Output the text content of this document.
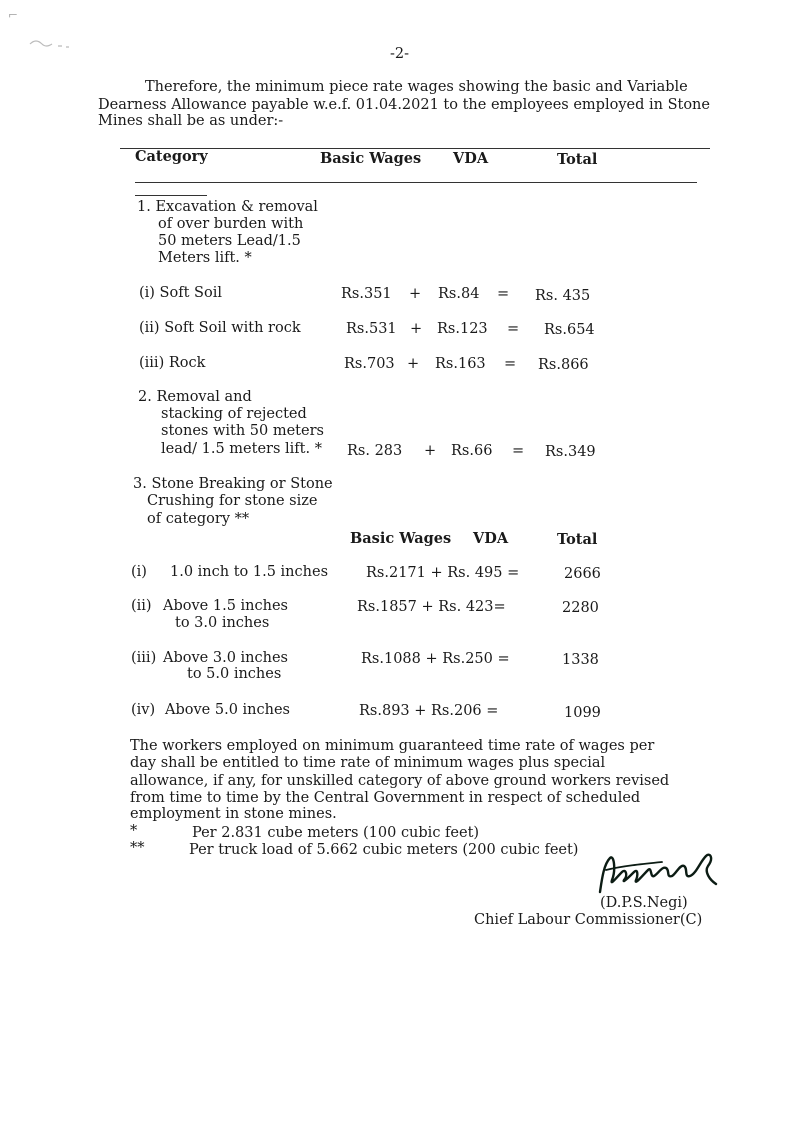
⌐
-2-
Therefore, the minimum piece rate wages showing the basic and Variable
Dearness Allowance payable w.e.f. 01.04.2021 to the employees employed in Stone
Mines shall be as under:-
Category	Basic Wages VDA	Total
1. Excavation & removal
of over burden with
50 meters Lead/1.5
Meters lift. *
(i) Soft Soil	Rs.351 + Rs.84 = Rs. 435
(ii) Soft Soil with rock	Rs.531 + Rs.123 = Rs.654
(iii) Rock	Rs.703 + Rs.163 = Rs.866
2. Removal and
stacking of rejected
stones with 50 meters
lead/ 1.5 meters lift. * Rs. 283 + Rs.66 = Rs.349
3. Stone Breaking or Stone
Crushing for stone size
of category **
Basic Wages VDA	Total
(i) 1.0 inch to 1.5 inches	Rs.2171 + Rs. 495 =	2666
(ii) Above 1.5 inches
to 3.0 inches
Rs.1857 + Rs. 423=	2280
(iii) Above 3.0 inches
to 5.0 inches
Rs.1088 + Rs.250 =	1338
(iv) Above 5.0 inches	Rs.893 + Rs.206 =	1099
The workers employed on minimum guaranteed time rate of wages per
day shall be entitled to time rate of minimum wages plus special
allowance, if any, for unskilled category of above ground workers revised
from time to time by the Central Government in respect of scheduled
employment in stone mines.
*	Per 2.831 cube meters (100 cubic feet)
**	Per truck load of 5.662 cubic meters (200 cubic feet)
(D.P.S.Negi)
Chief Labour Commissioner(C)
